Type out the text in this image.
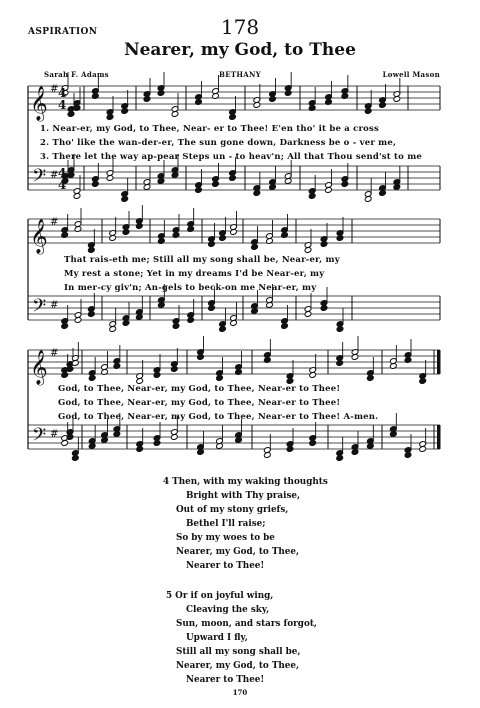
ASPIRATION	178
Nearer, my God, to Thee
Sarah F. Adams	BETHANY	Lowell Mason
𝄞
𝄢
#
#
𝄞
𝄢
#
#
𝄞
𝄢
#
#
4
4
4
4
1. Near-er, my God, to Thee, Near- er to Thee! E'en tho' it be a cross
2. Tho' like the wan-der-er, The sun gone down, Darkness be o - ver me,
3. There let the way ap-pear Steps un - to heav'n; All that Thou send'st to me
That rais-eth me; Still all my song shall be, Near-er, my
My rest a stone; Yet in my dreams I'd be Near-er, my
In mer-cy giv'n; An-gels to beck-on me Near-er, my
God, to Thee, Near-er, my God, to Thee, Near-er to Thee!
God, to Thee, Near-er, my God, to Thee, Near-er to Thee!
God, to Thee, Near-er, my God, to Thee, Near-er to Thee! A-men.
4 Then, with my waking thoughts
Bright with Thy praise,
Out of my stony griefs,
Bethel I'll raise;
So by my woes to be
Nearer, my God, to Thee,
Nearer to Thee!
5 Or if on joyful wing,
Cleaving the sky,
Sun, moon, and stars forgot,
Upward I fly,
Still all my song shall be,
Nearer, my God, to Thee,
Nearer to Thee!
170
